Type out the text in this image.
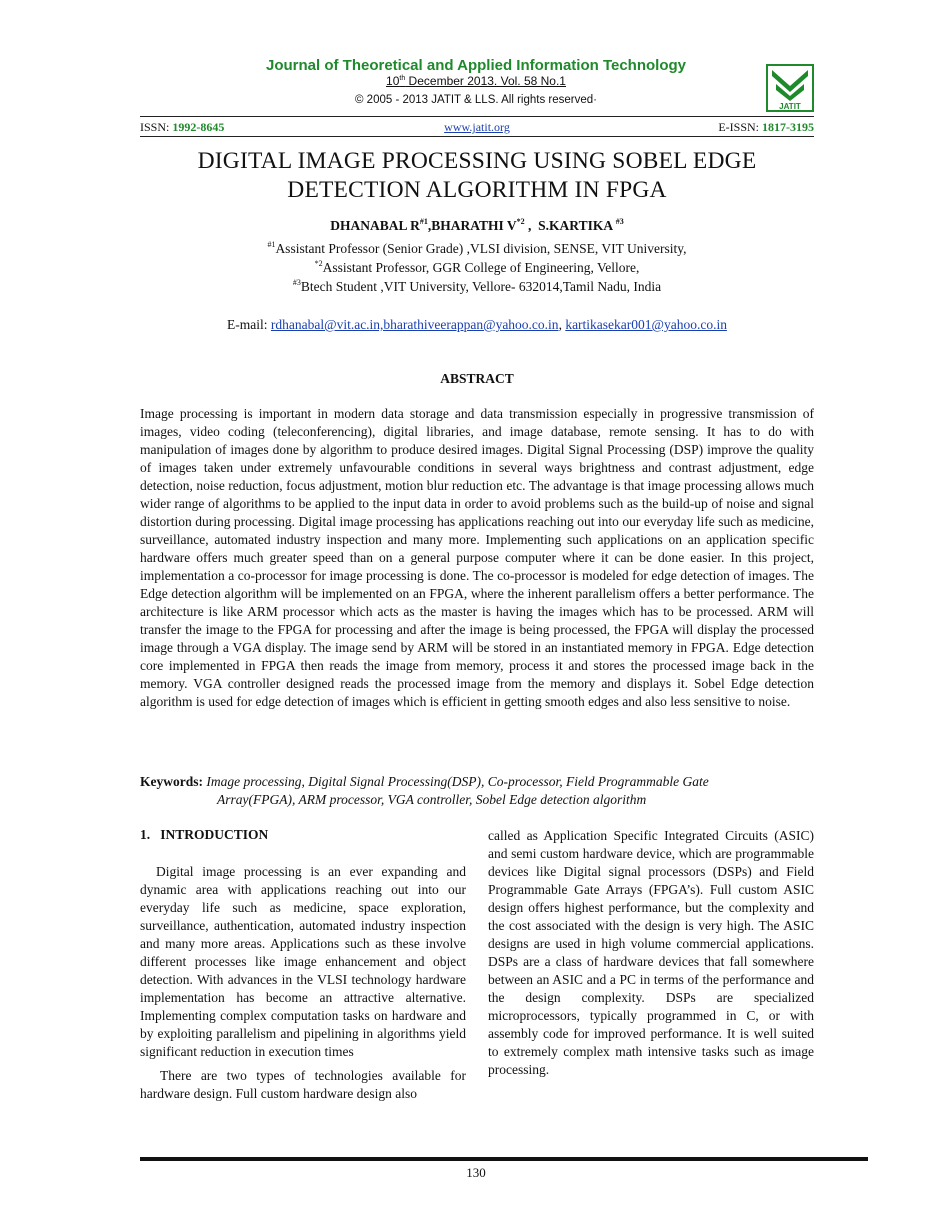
Journal of Theoretical and Applied Information Technology
10th December 2013. Vol. 58 No.1
© 2005 - 2013 JATIT & LLS. All rights reserved·
JATIT
ISSN: 1992-8645	www.jatit.org	E-ISSN: 1817-3195
DIGITAL IMAGE PROCESSING USING SOBEL EDGE
DETECTION ALGORITHM IN FPGA
DHANABAL $R^{\#1},BHARATHI$ $V^{*2}$ ,  S.KARTIKA $^{\#3}$
$^{\#1}$Assistant Professor (Senior Grade) ,VLSI division, SENSE, VIT University,
$^{*2}$Assistant Professor, GGR College of Engineering, Vellore,
$^{\#3}$Btech Student ,VIT University, Vellore- 632014,Tamil Nadu, India
E-mail: rdhanabal@vit.ac.in,bharathiveerappan@yahoo.co.in, kartikasekar001@yahoo.co.in
ABSTRACT
Image processing is important in modern data storage and data transmission especially in progressive transmission of images, video coding (teleconferencing), digital libraries, and image database, remote sensing. It has to do with manipulation of images done by algorithm to produce desired images. Digital Signal Processing (DSP) improve the quality of images taken under extremely unfavourable conditions in several ways brightness and contrast adjustment, edge detection, noise reduction, focus adjustment, motion blur reduction etc. The advantage is that image processing allows much wider range of algorithms to be applied to the input data in order to avoid problems such as the build-up of noise and signal distortion during processing. Digital image processing has applications reaching out into our everyday life such as medicine, surveillance, automated industry inspection and many more. Implementing such applications on an application specific hardware offers much greater speed than on a general purpose computer where it can be done easier. In this project, implementation a co-processor for image processing is done. The co-processor is modeled for edge detection of images. The Edge detection algorithm will be implemented on an FPGA, where the inherent parallelism offers a better performance. The architecture is like ARM processor which acts as the master is having the images which has to be processed. ARM will transfer the image to the FPGA for processing and after the image is being processed, the FPGA will display the processed image through a VGA display. The image send by ARM will be stored in an instantiated memory in FPGA. Edge detection core implemented in FPGA then reads the image from memory, process it and stores the processed image back in the memory. VGA controller designed reads the processed image from the memory and displays it. Sobel Edge detection algorithm is used for edge detection of images which is efficient in getting smooth edges and also less sensitive to noise.
Keywords: Image processing, Digital Signal Processing(DSP), Co-processor, Field Programmable Gate
Array(FPGA), ARM processor, VGA controller, Sobel Edge detection algorithm
1.   INTRODUCTION

Digital image processing is an ever expanding and dynamic area with applications reaching out into our everyday life such as medicine, space exploration, surveillance, authentication, automated industry inspection and many more areas. Applications such as these involve different processes like image enhancement and object detection. With advances in the VLSI technology hardware implementation has become an attractive alternative. Implementing complex computation tasks on hardware and by exploiting parallelism and pipelining in algorithms yield significant reduction in execution times

There are two types of technologies available for hardware design. Full custom hardware design also

called as Application Specific Integrated Circuits (ASIC) and semi custom hardware device, which are programmable devices like Digital signal processors (DSPs) and Field Programmable Gate Arrays (FPGA’s). Full custom ASIC design offers highest performance, but the complexity and the cost associated with the design is very high. The ASIC designs are used in high volume commercial applications. DSPs are a class of hardware devices that fall somewhere between an ASIC and a PC in terms of the performance and the design complexity. DSPs are specialized microprocessors, typically programmed in C, or with assembly code for improved performance. It is well suited to extremely complex math intensive tasks such as image processing.

130
